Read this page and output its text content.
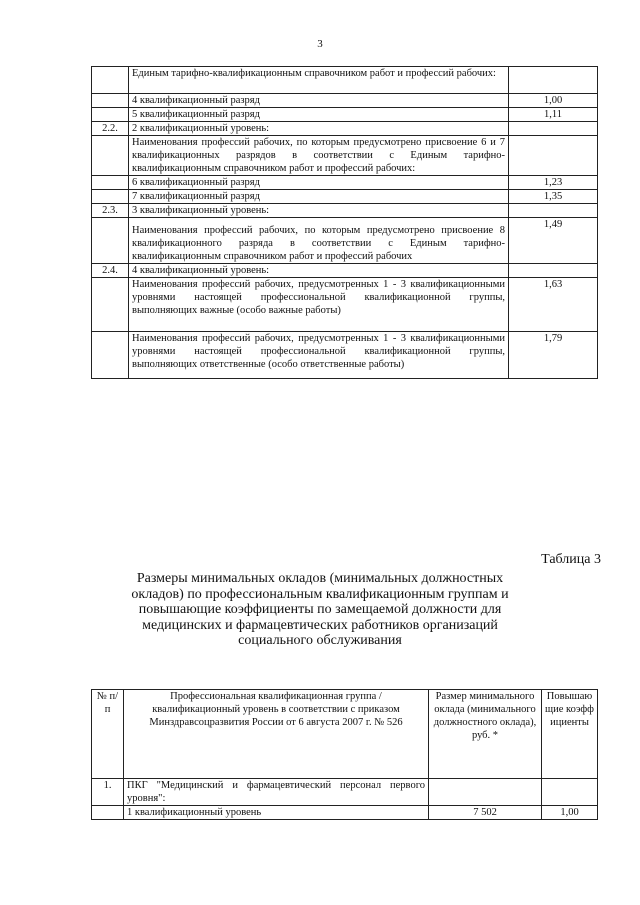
3
	Единым тарифно-квалификационным справочником работ и профессий рабочих:	
	4 квалификационный разряд	1,00
	5 квалификационный разряд	1,11
2.2.	2 квалификационный уровень:	
	Наименования профессий рабочих, по которым предусмотрено присвоение 6 и 7 квалификационных разрядов в соответствии с Единым тарифно-квалификационным справочником работ и профессий рабочих:	
	6 квалификационный разряд	1,23
	7 квалификационный разряд	1,35
2.3.	3 квалификационный уровень:	
	Наименования профессий рабочих, по которым предусмотрено присвоение 8 квалификационного разряда в соответствии с Единым тарифно-квалификационным справочником работ и профессий рабочих	1,49
2.4.	4 квалификационный уровень:	
	Наименования профессий рабочих, предусмотренных 1 - 3 квалификационными уровнями настоящей профессиональной квалификационной группы, выполняющих важные (особо важные работы)	1,63
	Наименования профессий рабочих, предусмотренных 1 - 3 квалификационными уровнями настоящей профессиональной квалификационной группы, выполняющих ответственные (особо ответственные работы)	1,79
Таблица 3
Размеры минимальных окладов (минимальных должностных окладов) по профессиональным квалификационным группам и повышающие коэффициенты по замещаемой должности для медицинских и фармацевтических работников организаций социального обслуживания
№ п/п	Профессиональная квалификационная группа / квалификационный уровень в соответствии с приказом Минздравсоцразвития России от 6 августа 2007 г. № 526	Размер минимального оклада (минимального должностного оклада), руб. *	Повышающие коэффициенты
1.	ПКГ "Медицинский и фармацевтический персонал первого уровня":		
	1 квалификационный уровень	7 502	1,00
